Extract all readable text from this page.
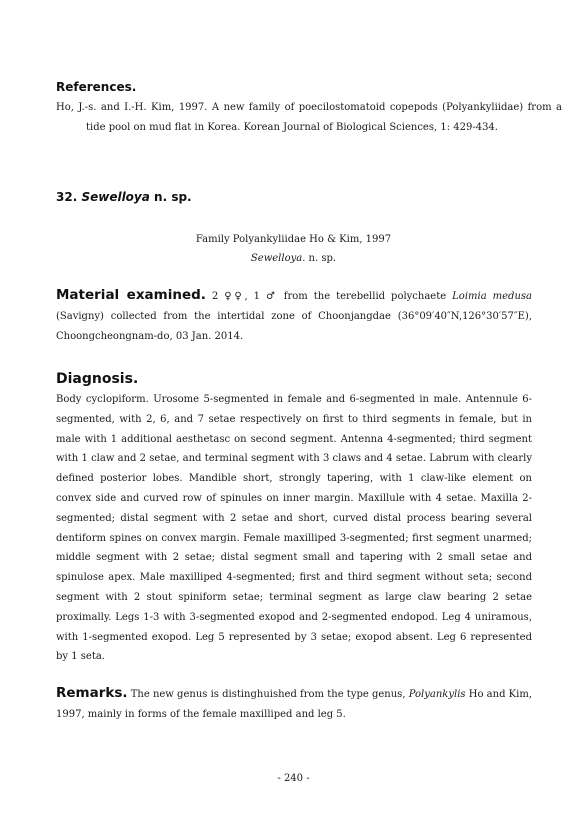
References.
Ho, J.-s. and I.-H. Kim, 1997. A new family of poecilostomatoid copepods (Polyankyliidae) from a tide pool on mud flat in Korea. Korean Journal of Biological Sciences, 1: 429-434.
32. Sewelloya n. sp.
Family Polyankyliidae Ho & Kim, 1997
Sewelloya. n. sp.
Material examined. 2 ♀♀, 1 ♂ from the terebellid polychaete Loimia medusa (Savigny) collected from the intertidal zone of Choonjangdae (36°09′40″N,126°30′57″E), Choongcheongnam-do, 03 Jan. 2014.
Diagnosis.
Body cyclopiform. Urosome 5-segmented in female and 6-segmented in male. Antennule 6-segmented, with 2, 6, and 7 setae respectively on first to third segments in female, but in male with 1 additional aesthetasc on second segment. Antenna 4-segmented; third segment with 1 claw and 2 setae, and terminal segment with 3 claws and 4 setae. Labrum with clearly defined posterior lobes. Mandible short, strongly tapering, with 1 claw-like element on convex side and curved row of spinules on inner margin. Maxillule with 4 setae. Maxilla 2-segmented; distal segment with 2 setae and short, curved distal process bearing several dentiform spines on convex margin. Female maxilliped 3-segmented; first segment unarmed; middle segment with 2 setae; distal segment small and tapering with 2 small setae and spinulose apex. Male maxilliped 4-segmented; first and third segment without seta; second segment with 2 stout spiniform setae; terminal segment as large claw bearing 2 setae proximally. Legs 1-3 with 3-segmented exopod and 2-segmented endopod. Leg 4 uniramous, with 1-segmented exopod. Leg 5 represented by 3 setae; exopod absent. Leg 6 represented by 1 seta.
Remarks. The new genus is distinghuished from the type genus, Polyankylis Ho and Kim, 1997, mainly in forms of the female maxilliped and leg 5.
- 240 -
